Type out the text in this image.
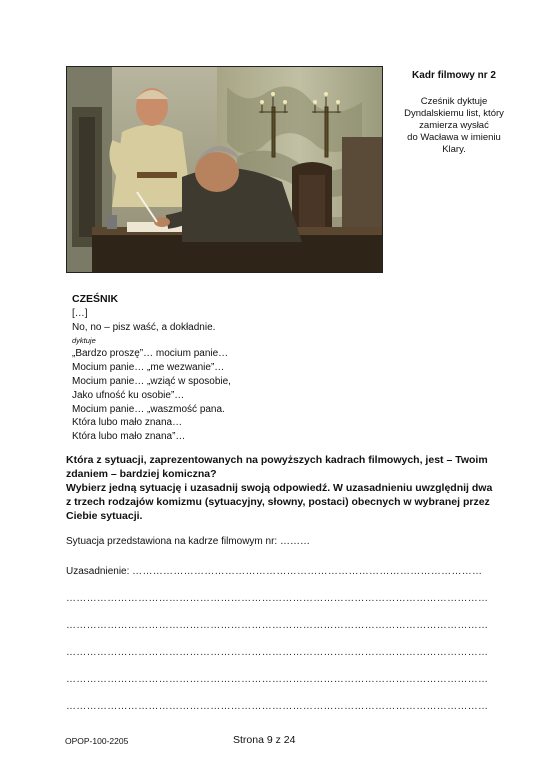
Kadr filmowy nr 2
Cześnik dyktuje
Dyndalskiemu list, który
zamierza wysłać
do Wacława w imieniu
Klary.
CZEŚNIK
[…]
No, no – pisz waść, a dokładnie.
dyktuje
„Bardzo proszę”… mocium panie…
Mocium panie… „me wezwanie”…
Mocium panie… „wziąć w sposobie,
Jako ufność ku osobie”…
Mocium panie… „waszmość pana.
Która lubo mało znana…
Która lubo mało znana”…
Która z sytuacji, zaprezentowanych na powyższych kadrach filmowych, jest – Twoim
zdaniem – bardziej komiczna?
Wybierz jedną sytuację i uzasadnij swoją odpowiedź. W uzasadnieniu uwzględnij dwa
z trzech rodzajów komizmu (sytuacyjny, słowny, postaci) obecnych w wybranej przez
Ciebie sytuacji.
Sytuacja przedstawiona na kadrze filmowym nr: ………
Uzasadnienie: …………………………………………………………………………………………
……………………………………………………………………………………………………………
……………………………………………………………………………………………………………
……………………………………………………………………………………………………………
……………………………………………………………………………………………………………
……………………………………………………………………………………………………………
OPOP-100-2205	Strona 9 z 24
